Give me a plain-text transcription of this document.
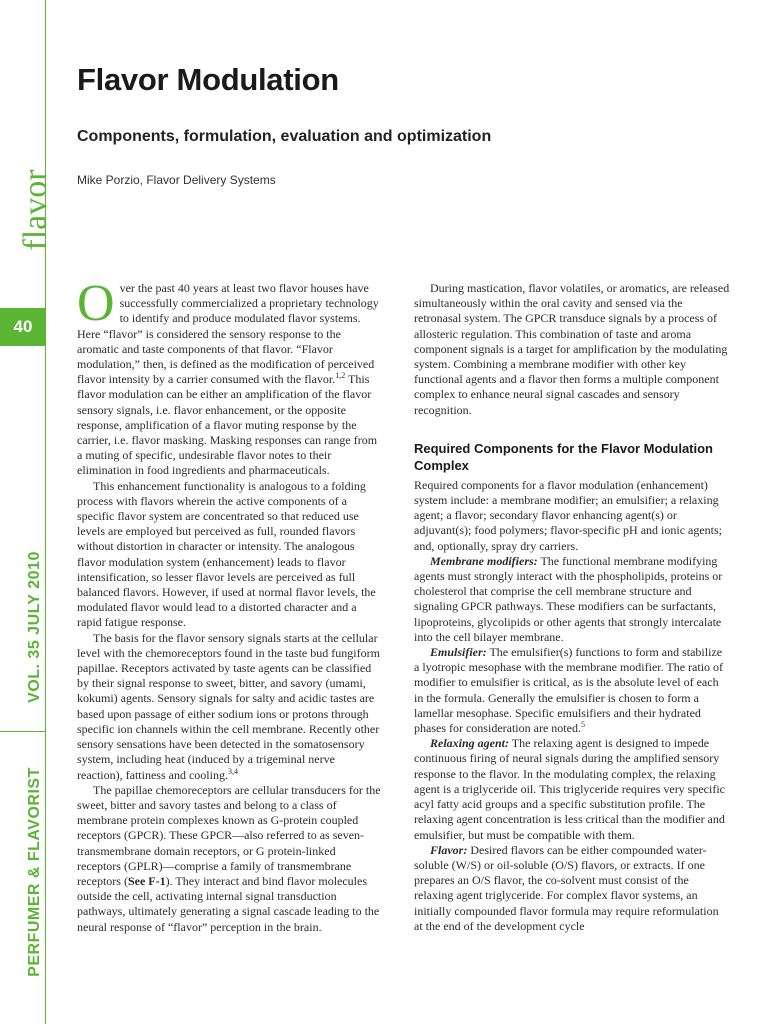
flavor
40
VOL. 35 JULY 2010
PERFUMER & FLAVORIST
Flavor Modulation
Components, formulation, evaluation and optimization
Mike Porzio, Flavor Delivery Systems

Over the past 40 years at least two flavor houses have successfully commercialized a proprietary technology to identify and produce modulated flavor systems. Here “flavor” is considered the sensory response to the aromatic and taste components of that flavor. “Flavor modulation,” then, is defined as the modification of perceived flavor intensity by a carrier consumed with the flavor.$^{1,2}$ This flavor modulation can be either an amplification of the flavor sensory signals, i.e. flavor enhancement, or the opposite response, amplification of a flavor muting response by the carrier, i.e. flavor masking. Masking responses can range from a muting of specific, undesirable flavor notes to their elimination in food ingredients and pharmaceuticals.

This enhancement functionality is analogous to a folding process with flavors wherein the active components of a specific flavor system are concentrated so that reduced use levels are employed but perceived as full, rounded flavors without distortion in character or intensity. The analogous flavor modulation system (enhancement) leads to flavor intensification, so lesser flavor levels are perceived as full balanced flavors. However, if used at normal flavor levels, the modulated flavor would lead to a distorted character and a rapid fatigue response.

The basis for the flavor sensory signals starts at the cellular level with the chemoreceptors found in the taste bud fungiform papillae. Receptors activated by taste agents can be classified by their signal response to sweet, bitter, and savory (umami, kokumi) agents. Sensory signals for salty and acidic tastes are based upon passage of either sodium ions or protons through specific ion channels within the cell membrane. Recently other sensory sensations have been detected in the somatosensory system, including heat (induced by a trigeminal nerve reaction), fattiness and cooling.$^{3,4}$

The papillae chemoreceptors are cellular transducers for the sweet, bitter and savory tastes and belong to a class of membrane protein complexes known as G-protein coupled receptors (GPCR). These GPCR—also referred to as seven-transmembrane domain receptors, or G protein-linked receptors (GPLR)—comprise a family of transmembrane receptors (See F-1). They interact and bind flavor molecules outside the cell, activating internal signal transduction pathways, ultimately generating a signal cascade leading to the neural response of “flavor” perception in the brain.

During mastication, flavor volatiles, or aromatics, are released simultaneously within the oral cavity and sensed via the retronasal system. The GPCR transduce signals by a process of allosteric regulation. This combination of taste and aroma component signals is a target for amplification by the modulating system. Combining a membrane modifier with other key functional agents and a flavor then forms a multiple component complex to enhance neural signal cascades and sensory recognition.

Required Components for the Flavor Modulation Complex

Required components for a flavor modulation (enhancement) system include: a membrane modifier; an emulsifier; a relaxing agent; a flavor; secondary flavor enhancing agent(s) or adjuvant(s); food polymers; flavor-specific pH and ionic agents; and, optionally, spray dry carriers.

Membrane modifiers: The functional membrane modifying agents must strongly interact with the phospholipids, proteins or cholesterol that comprise the cell membrane structure and signaling GPCR pathways. These modifiers can be surfactants, lipoproteins, glycolipids or other agents that strongly intercalate into the cell bilayer membrane.

Emulsifier: The emulsifier(s) functions to form and stabilize a lyotropic mesophase with the membrane modifier. The ratio of modifier to emulsifier is critical, as is the absolute level of each in the formula. Generally the emulsifier is chosen to form a lamellar mesophase. Specific emulsifiers and their hydrated phases for consideration are noted.$^5$

Relaxing agent: The relaxing agent is designed to impede continuous firing of neural signals during the amplified sensory response to the flavor. In the modulating complex, the relaxing agent is a triglyceride oil. This triglyceride requires very specific acyl fatty acid groups and a specific substitution profile. The relaxing agent concentration is less critical than the modifier and emulsifier, but must be compatible with them.

Flavor: Desired flavors can be either compounded water-soluble (W/S) or oil-soluble (O/S) flavors, or extracts. If one prepares an O/S flavor, the co-solvent must consist of the relaxing agent triglyceride. For complex flavor systems, an initially compounded flavor formula may require reformulation at the end of the development cycle
